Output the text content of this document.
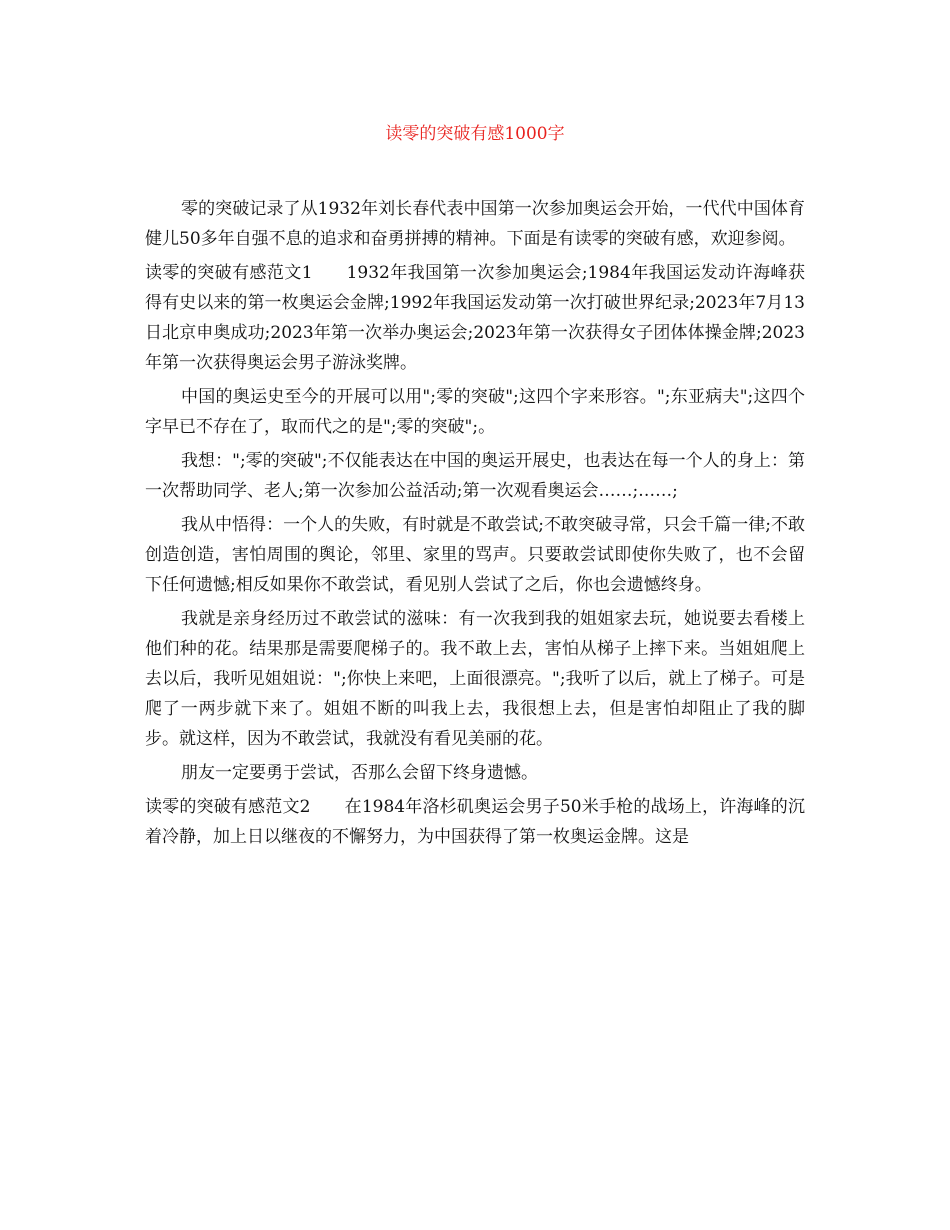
读零的突破有感1000字

零的突破记录了从1932年刘长春代表中国第一次参加奥运会开始，一代代中国体育健儿50多年自强不息的追求和奋勇拼搏的精神。下面是有读零的突破有感，欢迎参阅。

读零的突破有感范文1 1932年我国第一次参加奥运会;1984年我国运发动许海峰获得有史以来的第一枚奥运会金牌;1992年我国运发动第一次打破世界纪录;2023年7月13日北京申奥成功;2023年第一次举办奥运会;2023年第一次获得女子团体体操金牌;2023年第一次获得奥运会男子游泳奖牌。

中国的奥运史至今的开展可以用";零的突破";这四个字来形容。";东亚病夫";这四个字早已不存在了，取而代之的是";零的突破";。

我想：";零的突破";不仅能表达在中国的奥运开展史，也表达在每一个人的身上：第一次帮助同学、老人;第一次参加公益活动;第一次观看奥运会……;……;

我从中悟得：一个人的失败，有时就是不敢尝试;不敢突破寻常，只会千篇一律;不敢创造创造，害怕周围的舆论，邻里、家里的骂声。只要敢尝试即使你失败了，也不会留下任何遗憾;相反如果你不敢尝试，看见别人尝试了之后，你也会遗憾终身。

我就是亲身经历过不敢尝试的滋味：有一次我到我的姐姐家去玩，她说要去看楼上他们种的花。结果那是需要爬梯子的。我不敢上去，害怕从梯子上摔下来。当姐姐爬上去以后，我听见姐姐说：";你快上来吧，上面很漂亮。";我听了以后，就上了梯子。可是爬了一两步就下来了。姐姐不断的叫我上去，我很想上去，但是害怕却阻止了我的脚步。就这样，因为不敢尝试，我就没有看见美丽的花。

朋友一定要勇于尝试，否那么会留下终身遗憾。

读零的突破有感范文2 在1984年洛杉矶奥运会男子50米手枪的战场上，许海峰的沉着冷静，加上日以继夜的不懈努力，为中国获得了第一枚奥运金牌。这是
